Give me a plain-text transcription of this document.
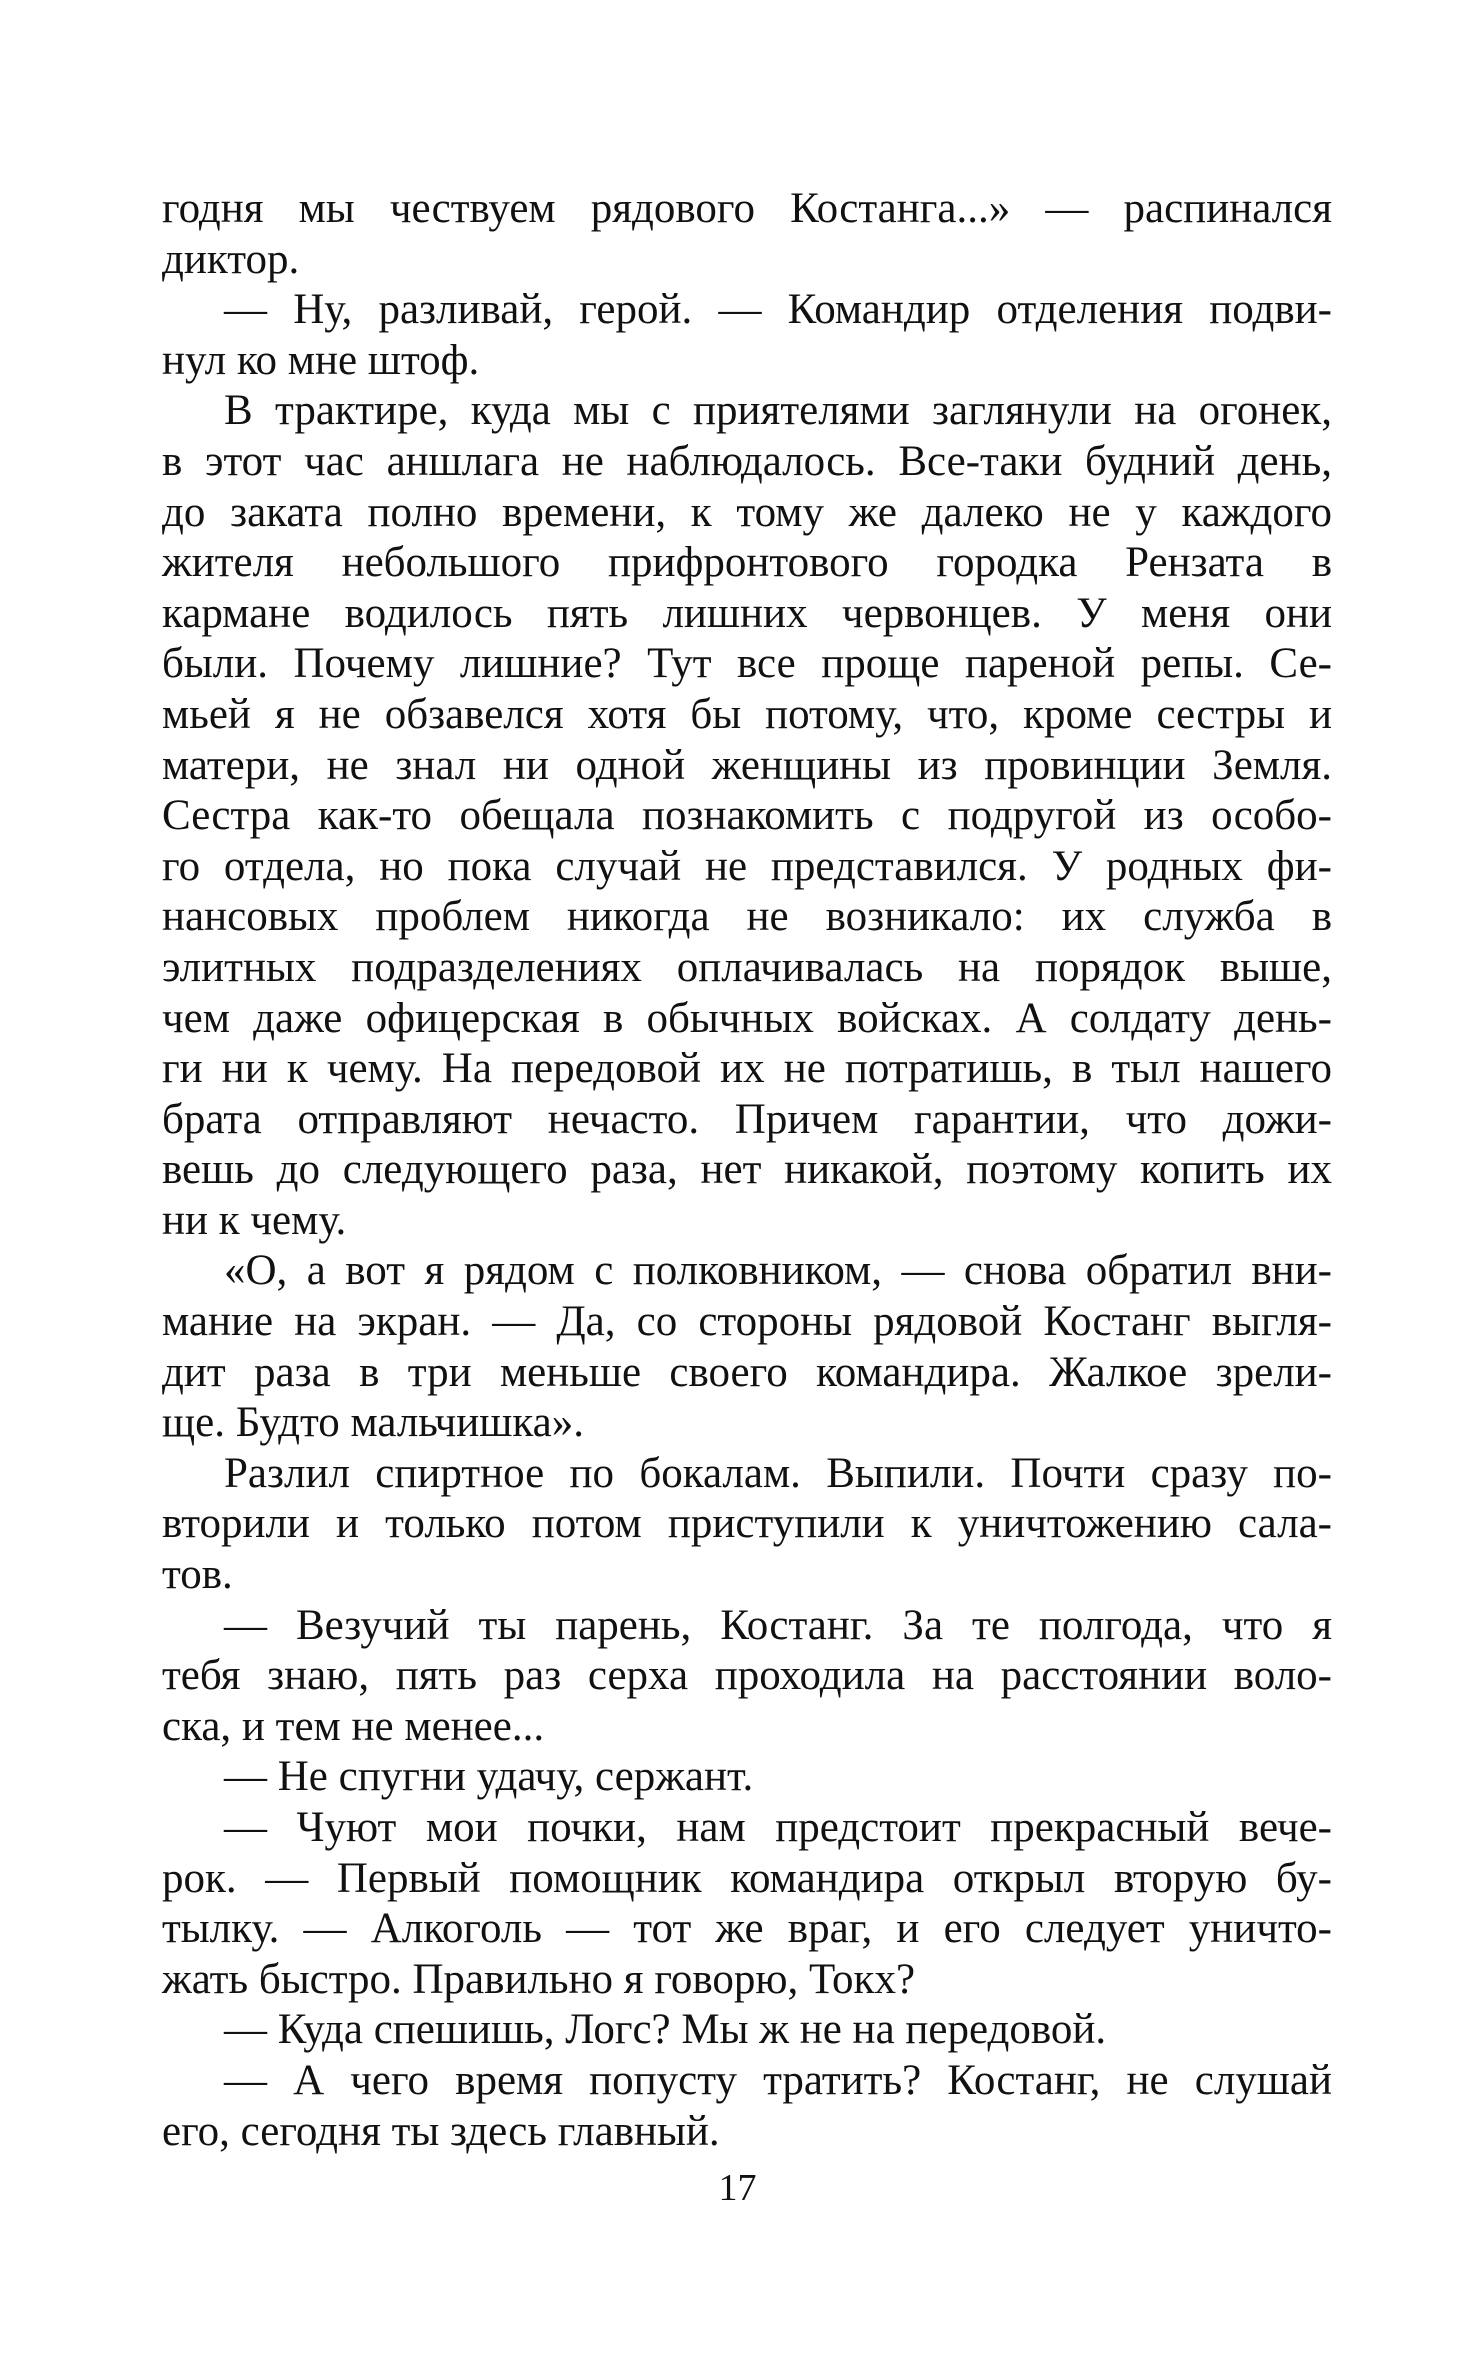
годня мы чествуем рядового Костанга...» — распинался
диктор.
— Ну, разливай, герой. — Командир отделения подви-
нул ко мне штоф.
В трактире, куда мы с приятелями заглянули на огонек,
в этот час аншлага не наблюдалось. Все-таки будний день,
до заката полно времени, к тому же далеко не у каждого
жителя небольшого прифронтового городка Рензата в
кармане водилось пять лишних червонцев. У меня они
были. Почему лишние? Тут все проще пареной репы. Се-
мьей я не обзавелся хотя бы потому, что, кроме сестры и
матери, не знал ни одной женщины из провинции Земля.
Сестра как-то обещала познакомить с подругой из особо-
го отдела, но пока случай не представился. У родных фи-
нансовых проблем никогда не возникало: их служба в
элитных подразделениях оплачивалась на порядок выше,
чем даже офицерская в обычных войсках. А солдату день-
ги ни к чему. На передовой их не потратишь, в тыл нашего
брата отправляют нечасто. Причем гарантии, что дожи-
вешь до следующего раза, нет никакой, поэтому копить их
ни к чему.
«О, а вот я рядом с полковником, — снова обратил вни-
мание на экран. — Да, со стороны рядовой Костанг выгля-
дит раза в три меньше своего командира. Жалкое зрели-
ще. Будто мальчишка».
Разлил спиртное по бокалам. Выпили. Почти сразу по-
вторили и только потом приступили к уничтожению сала-
тов.
— Везучий ты парень, Костанг. За те полгода, что я
тебя знаю, пять раз серха проходила на расстоянии воло-
ска, и тем не менее...
— Не спугни удачу, сержант.
— Чуют мои почки, нам предстоит прекрасный вече-
рок. — Первый помощник командира открыл вторую бу-
тылку. — Алкоголь — тот же враг, и его следует уничто-
жать быстро. Правильно я говорю, Токх?
— Куда спешишь, Логс? Мы ж не на передовой.
— А чего время попусту тратить? Костанг, не слушай
его, сегодня ты здесь главный.
17
